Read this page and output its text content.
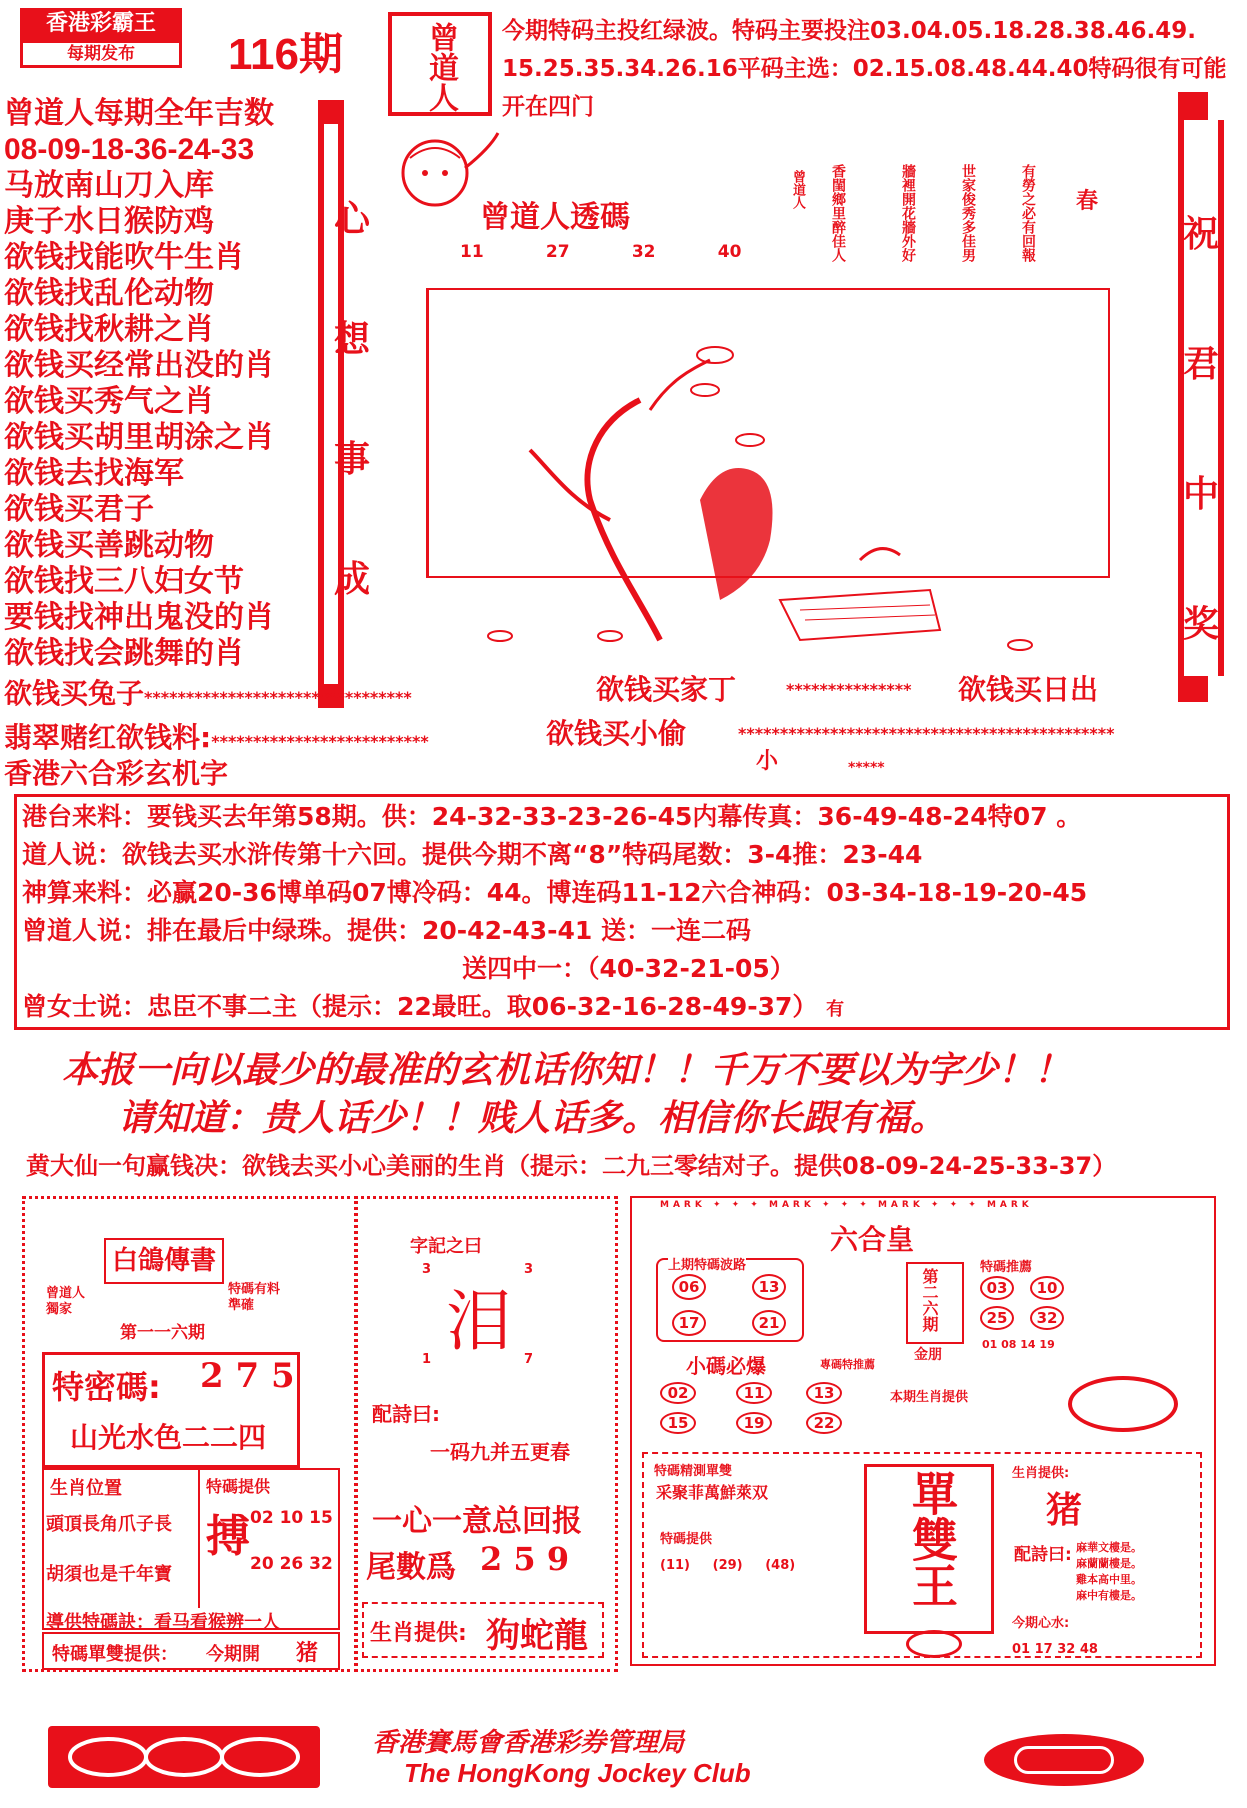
香港彩霸王
每期发布	116期	曾道人 今期特码主投红绿波。特码主要投注03.04.05.18.28.38.46.49.
15.25.35.34.26.16平码主选：02.15.08.48.44.40特码很有可能
开在四门
曾道人每期全年吉数
08-09-18-36-24-33
马放南山刀入库
庚子水日猴防鸡
欲钱找能吹牛生肖
欲钱找乱伦动物
欲钱找秋耕之肖
欲钱买经常出没的肖
欲钱买秀气之肖
欲钱买胡里胡涂之肖
欲钱去找海军
欲钱买君子
欲钱买善跳动物
欲钱找三八妇女节
要钱找神出鬼没的肖
欲钱找会跳舞的肖
心
想
事
成
祝
君
中
奖
曾道人透碼
11	27	32	40
曾道人 香閨鄉里醉佳人	牆裡開花牆外好	世家俊秀多佳男	有勞之必有回報 春
欲钱买兔子********************************	欲钱买家丁	*************** 欲钱买日出
翡翠赌红欲钱料:**************************	欲钱买小偷	*********************************************
香港六合彩玄机字	小	*****
港台来料：要钱买去年第58期。供：24-32-33-23-26-45内幕传真：36-49-48-24特07 。
道人说：欲钱去买水浒传第十六回。提供今期不离“8”特码尾数：3-4推：23-44
神算来料：必赢20-36博单码07博冷码：44。博连码11-12六合神码：03-34-18-19-20-45
曾道人说：排在最后中绿珠。提供：20-42-43-41 送：一连二码
送四中一：（40-32-21-05）
曾女士说：忠臣不事二主（提示：22最旺。取06-32-16-28-49-37） 有
本报一向以最少的最准的玄机话你知！！千万不要以为字少！！
请知道：贵人话少！！贱人话多。相信你长跟有福。
黄大仙一句赢钱决：欲钱去买小心美丽的生肖（提示：二九三零结对子。提供08-09-24-25-33-37）
白鴿傳書
曾道人
獨家
特碼有料
準確
第一一六期
特密碼: 2 7 5
山光水色二二四
生肖位置
頭頂長角爪子長
胡須也是千年寶
特碼提供
搏 02 10 15
20 26 32
導供特碼訣：看马看猴辨一人
特碼單雙提供： 今期開 猪
字記之曰
3	3
泪
1	7
配詩曰:
一码九并五更春
一心一意总回报
尾數爲 2 5 9
生肖提供: 狗蛇龍
MARK ✦ ✦ ✦ MARK ✦ ✦ ✦ MARK ✦ ✦ ✦ MARK
六合皇
上期特碼波路
06	13
17	21	第二六期
金朋
特碼推薦
03	10
25	32
01 08 14 19
小碼必爆	專碼特推薦
02	11	13
15	19	22
本期生肖提供
特碼精測單雙
采聚菲萬鮮萊双
特碼提供
(11)     (29)     (48) 單雙王	生肖提供:
猪
配詩曰: 麻華文樓是。
麻蘭蘭樓是。
雞本高中里。
麻中有樓是。
今期心水:
01 17 32 48
香港賽馬會香港彩券管理局
The HongKong Jockey Club
